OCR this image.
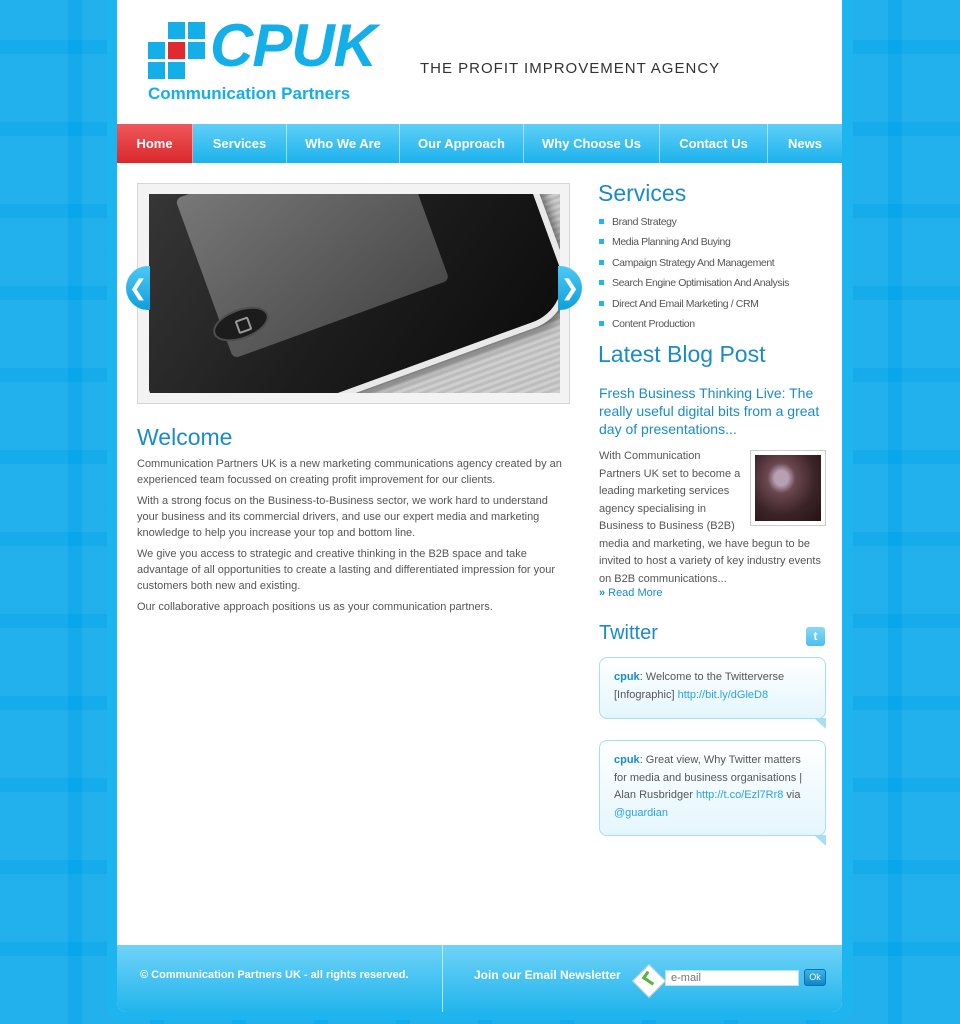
CPUK
Communication Partners
THE PROFIT IMPROVEMENT AGENCY
Home	Services	Who We Are	Our Approach	Why Choose Us	Contact Us	News
❮	❯
Welcome

Communication Partners UK is a new marketing communications agency created by an experienced team focussed on creating profit improvement for our clients.

With a strong focus on the Business-to-Business sector, we work hard to understand your business and its commercial drivers, and use our expert media and marketing knowledge to help you increase your top and bottom line.

We give you access to strategic and creative thinking in the B2B space and take advantage of all opportunities to create a lasting and differentiated impression for your customers both new and existing.

Our collaborative approach positions us as your communication partners.

Services
Brand Strategy
Media Planning And Buying
Campaign Strategy And Management
Search Engine Optimisation And Analysis
Direct And Email Marketing / CRM
Content Production
Latest Blog Post
Fresh Business Thinking Live: The really useful digital bits from a great day of presentations...
With Communication Partners UK set to become a leading marketing services agency specialising in Business to Business (B2B) media and marketing, we have begun to be invited to host a variety of key industry events on B2B communications...
» Read More
Twitter	t
cpuk: Welcome to the Twitterverse [Infographic] http://bit.ly/dGleD8
cpuk: Great view, Why Twitter matters for media and business organisations | Alan Rusbridger http://t.co/Ezl7Rr8 via @guardian
© Communication Partners UK - all rights reserved.	Join our Email Newsletter
e-mail	Ok
